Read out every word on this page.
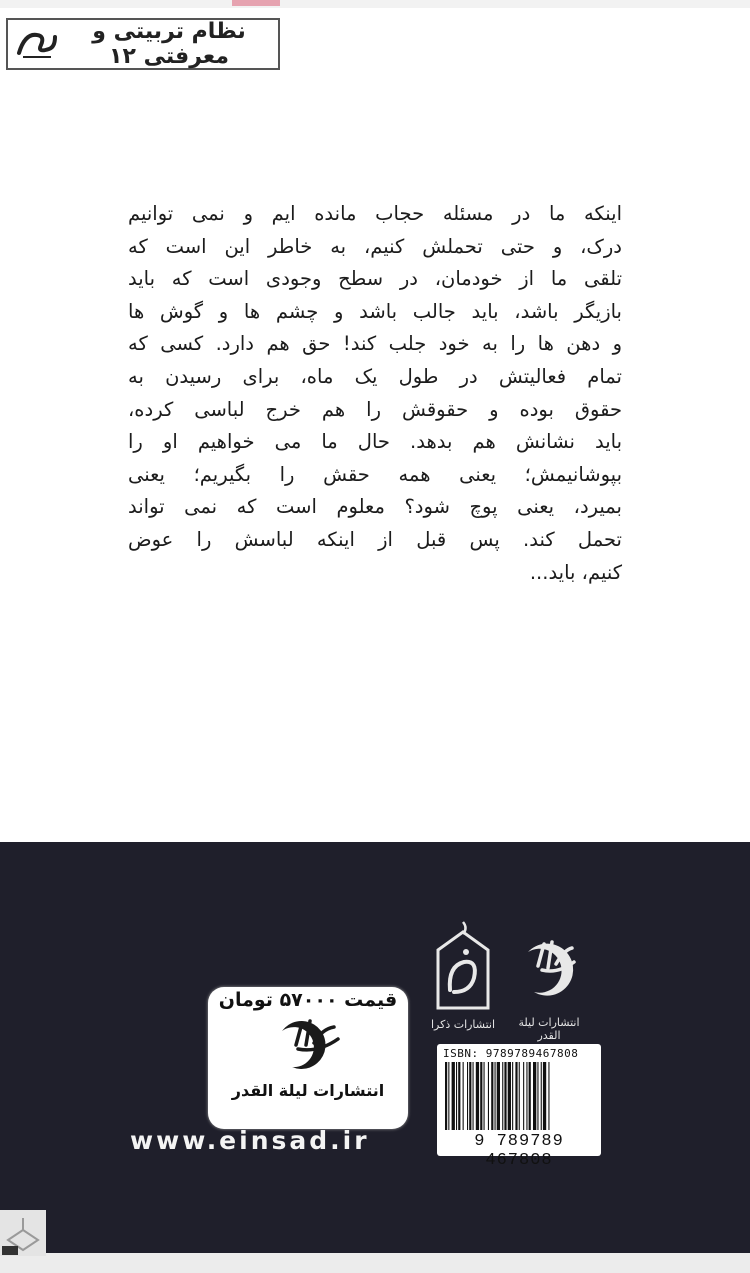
نظام تربیتی و معرفتی ۱۲
اینکه ما در مسئله حجاب مانده ایم و نمی توانیم
درک، و حتی تحملش کنیم، به خاطر این است که
تلقی ما از خودمان، در سطح وجودی است که باید
بازیگر باشد، باید جالب باشد و چشم ها و گوش ها
و دهن ها را به خود جلب کند! حق هم دارد. کسی که
تمام فعالیتش در طول یک ماه، برای رسیدن به
حقوق بوده و حقوقش را هم خرج لباسی کرده،
باید نشانش هم بدهد. حال ما می خواهیم او را
بپوشانیمش؛ یعنی همه حقش را بگیریم؛ یعنی
بمیرد، یعنی پوچ شود؟ معلوم است که نمی تواند
تحمل کند. پس قبل از اینکه لباسش را عوض
کنیم، باید...
انتشارات لیلة القدر
انتشارات ذکرا
قیمت ۵۷۰۰۰ تومان
انتشارات لیلة القدر
www.einsad.ir
ISBN: 9789789467808
9 789789 467808
